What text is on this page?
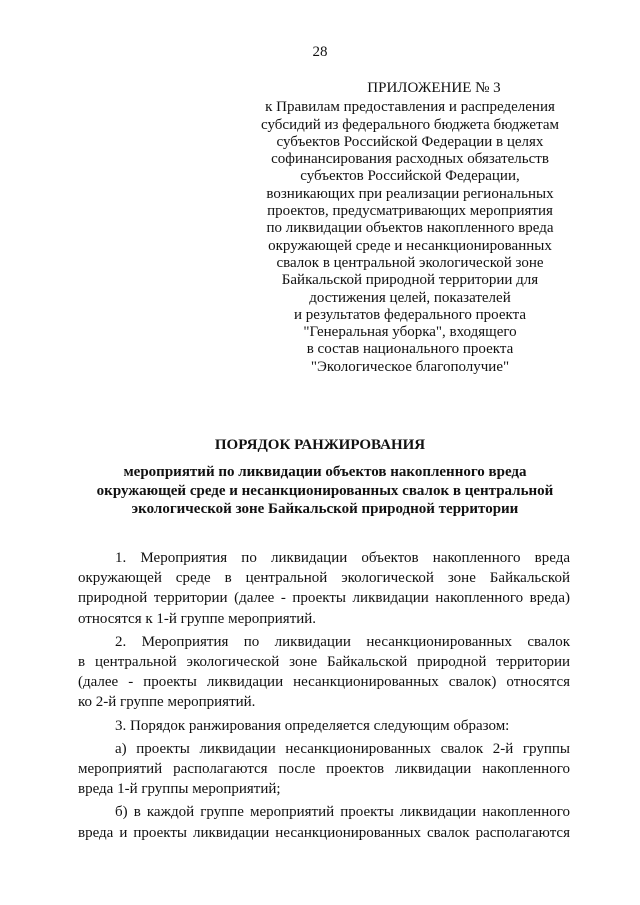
28
ПРИЛОЖЕНИЕ № 3
к Правилам предоставления и распределения
субсидий из федерального бюджета бюджетам
субъектов Российской Федерации в целях
софинансирования расходных обязательств
субъектов Российской Федерации,
возникающих при реализации региональных
проектов, предусматривающих мероприятия
по ликвидации объектов накопленного вреда
окружающей среде и несанкционированных
свалок в центральной экологической зоне
Байкальской природной территории для
достижения целей, показателей
и результатов федерального проекта
"Генеральная уборка", входящего
в состав национального проекта
"Экологическое благополучие"
ПОРЯДОК РАНЖИРОВАНИЯ
мероприятий по ликвидации объектов накопленного вреда
окружающей среде и несанкционированных свалок в центральной
экологической зоне Байкальской природной территории
1. Мероприятия по ликвидации объектов накопленного вреда
окружающей среде в центральной экологической зоне Байкальской
природной территории (далее - проекты ликвидации накопленного вреда)
относятся к 1-й группе мероприятий.
2. Мероприятия по ликвидации несанкционированных свалок
в центральной экологической зоне Байкальской природной территории
(далее - проекты ликвидации несанкционированных свалок) относятся
ко 2-й группе мероприятий.
3. Порядок ранжирования определяется следующим образом:
а) проекты ликвидации несанкционированных свалок 2-й группы
мероприятий располагаются после проектов ликвидации накопленного
вреда 1-й группы мероприятий;
б) в каждой группе мероприятий проекты ликвидации накопленного
вреда и проекты ликвидации несанкционированных свалок располагаются
